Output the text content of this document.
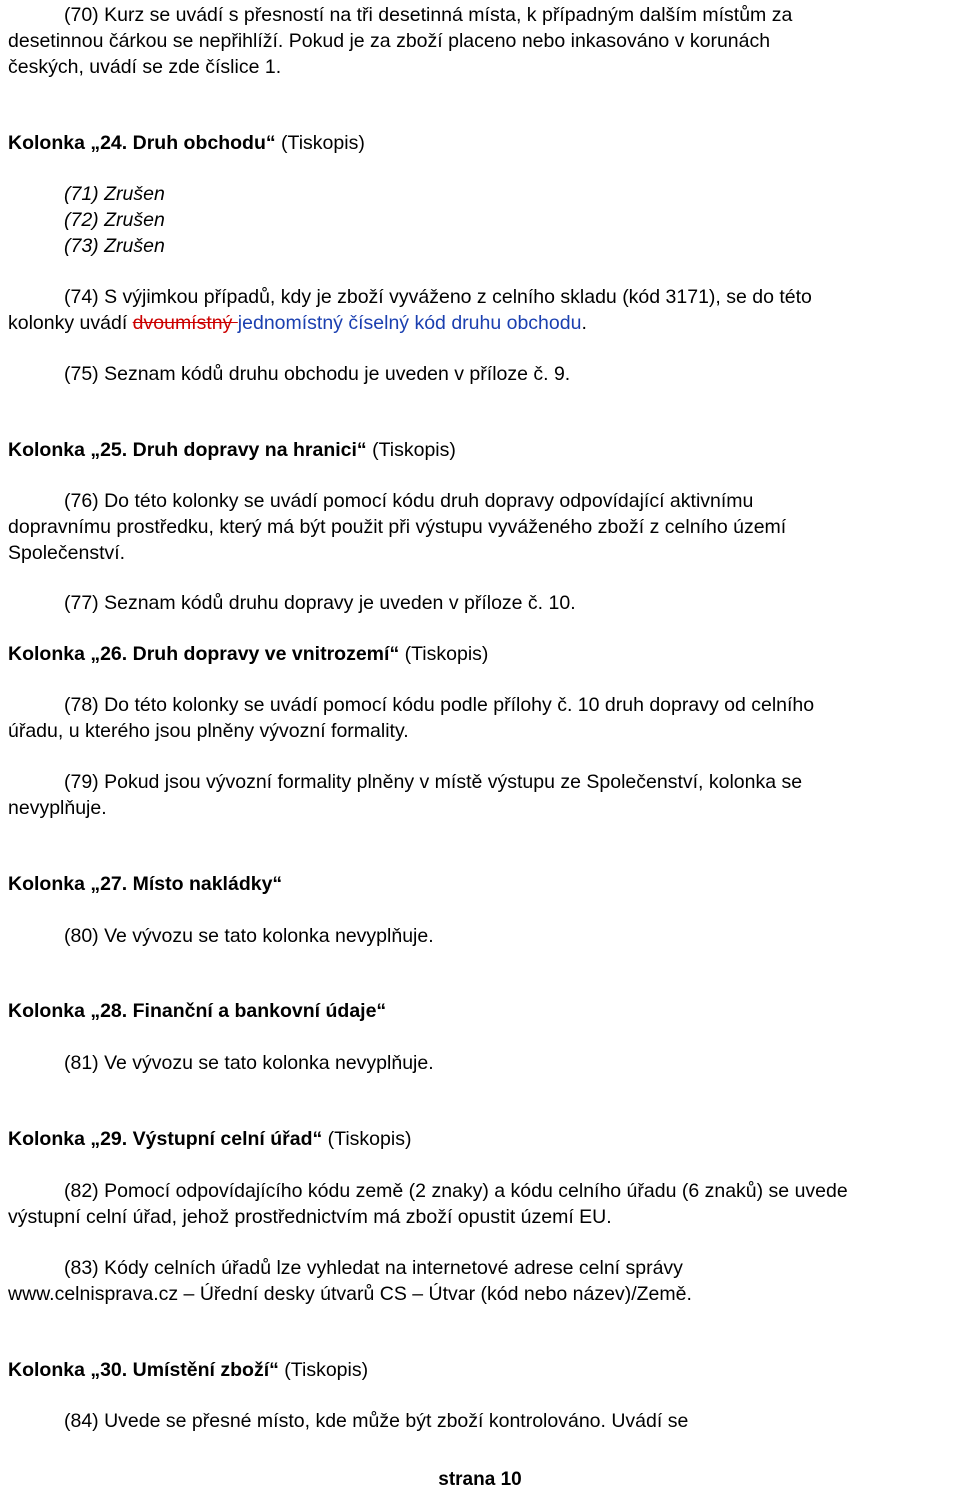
(70) Kurz se uvádí s přesností na tři desetinná místa, k případným dalším místům za
desetinnou čárkou se nepřihlíží. Pokud je za zboží placeno nebo inkasováno v korunách
českých, uvádí se zde číslice 1.
Kolonka „24. Druh obchodu“ (Tiskopis)
(71) Zrušen
(72) Zrušen
(73) Zrušen
(74) S výjimkou případů, kdy je zboží vyváženo z celního skladu (kód 3171), se do této
kolonky uvádí dvoumístný jednomístný číselný kód druhu obchodu.
(75) Seznam kódů druhu obchodu je uveden v příloze č. 9.
Kolonka „25. Druh dopravy na hranici“ (Tiskopis)
(76) Do této kolonky se uvádí pomocí kódu druh dopravy odpovídající aktivnímu
dopravnímu prostředku, který má být použit při výstupu vyváženého zboží z celního území
Společenství.
(77) Seznam kódů druhu dopravy je uveden v příloze č. 10.
Kolonka „26. Druh dopravy ve vnitrozemí“ (Tiskopis)
(78) Do této kolonky se uvádí pomocí kódu podle přílohy č. 10 druh dopravy od celního
úřadu, u kterého jsou plněny vývozní formality.
(79) Pokud jsou vývozní formality plněny v místě výstupu ze Společenství, kolonka se
nevyplňuje.
Kolonka „27. Místo nakládky“
(80) Ve vývozu se tato kolonka nevyplňuje.
Kolonka „28. Finanční a bankovní údaje“
(81) Ve vývozu se tato kolonka nevyplňuje.
Kolonka „29. Výstupní celní úřad“ (Tiskopis)
(82) Pomocí odpovídajícího kódu země (2 znaky) a kódu celního úřadu (6 znaků) se uvede
výstupní celní úřad, jehož prostřednictvím má zboží opustit území EU.
(83) Kódy celních úřadů lze vyhledat na internetové adrese celní správy
www.celnisprava.cz – Úřední desky útvarů CS – Útvar (kód nebo název)/Země.
Kolonka „30. Umístění zboží“ (Tiskopis)
(84) Uvede se přesné místo, kde může být zboží kontrolováno. Uvádí se
strana 10
